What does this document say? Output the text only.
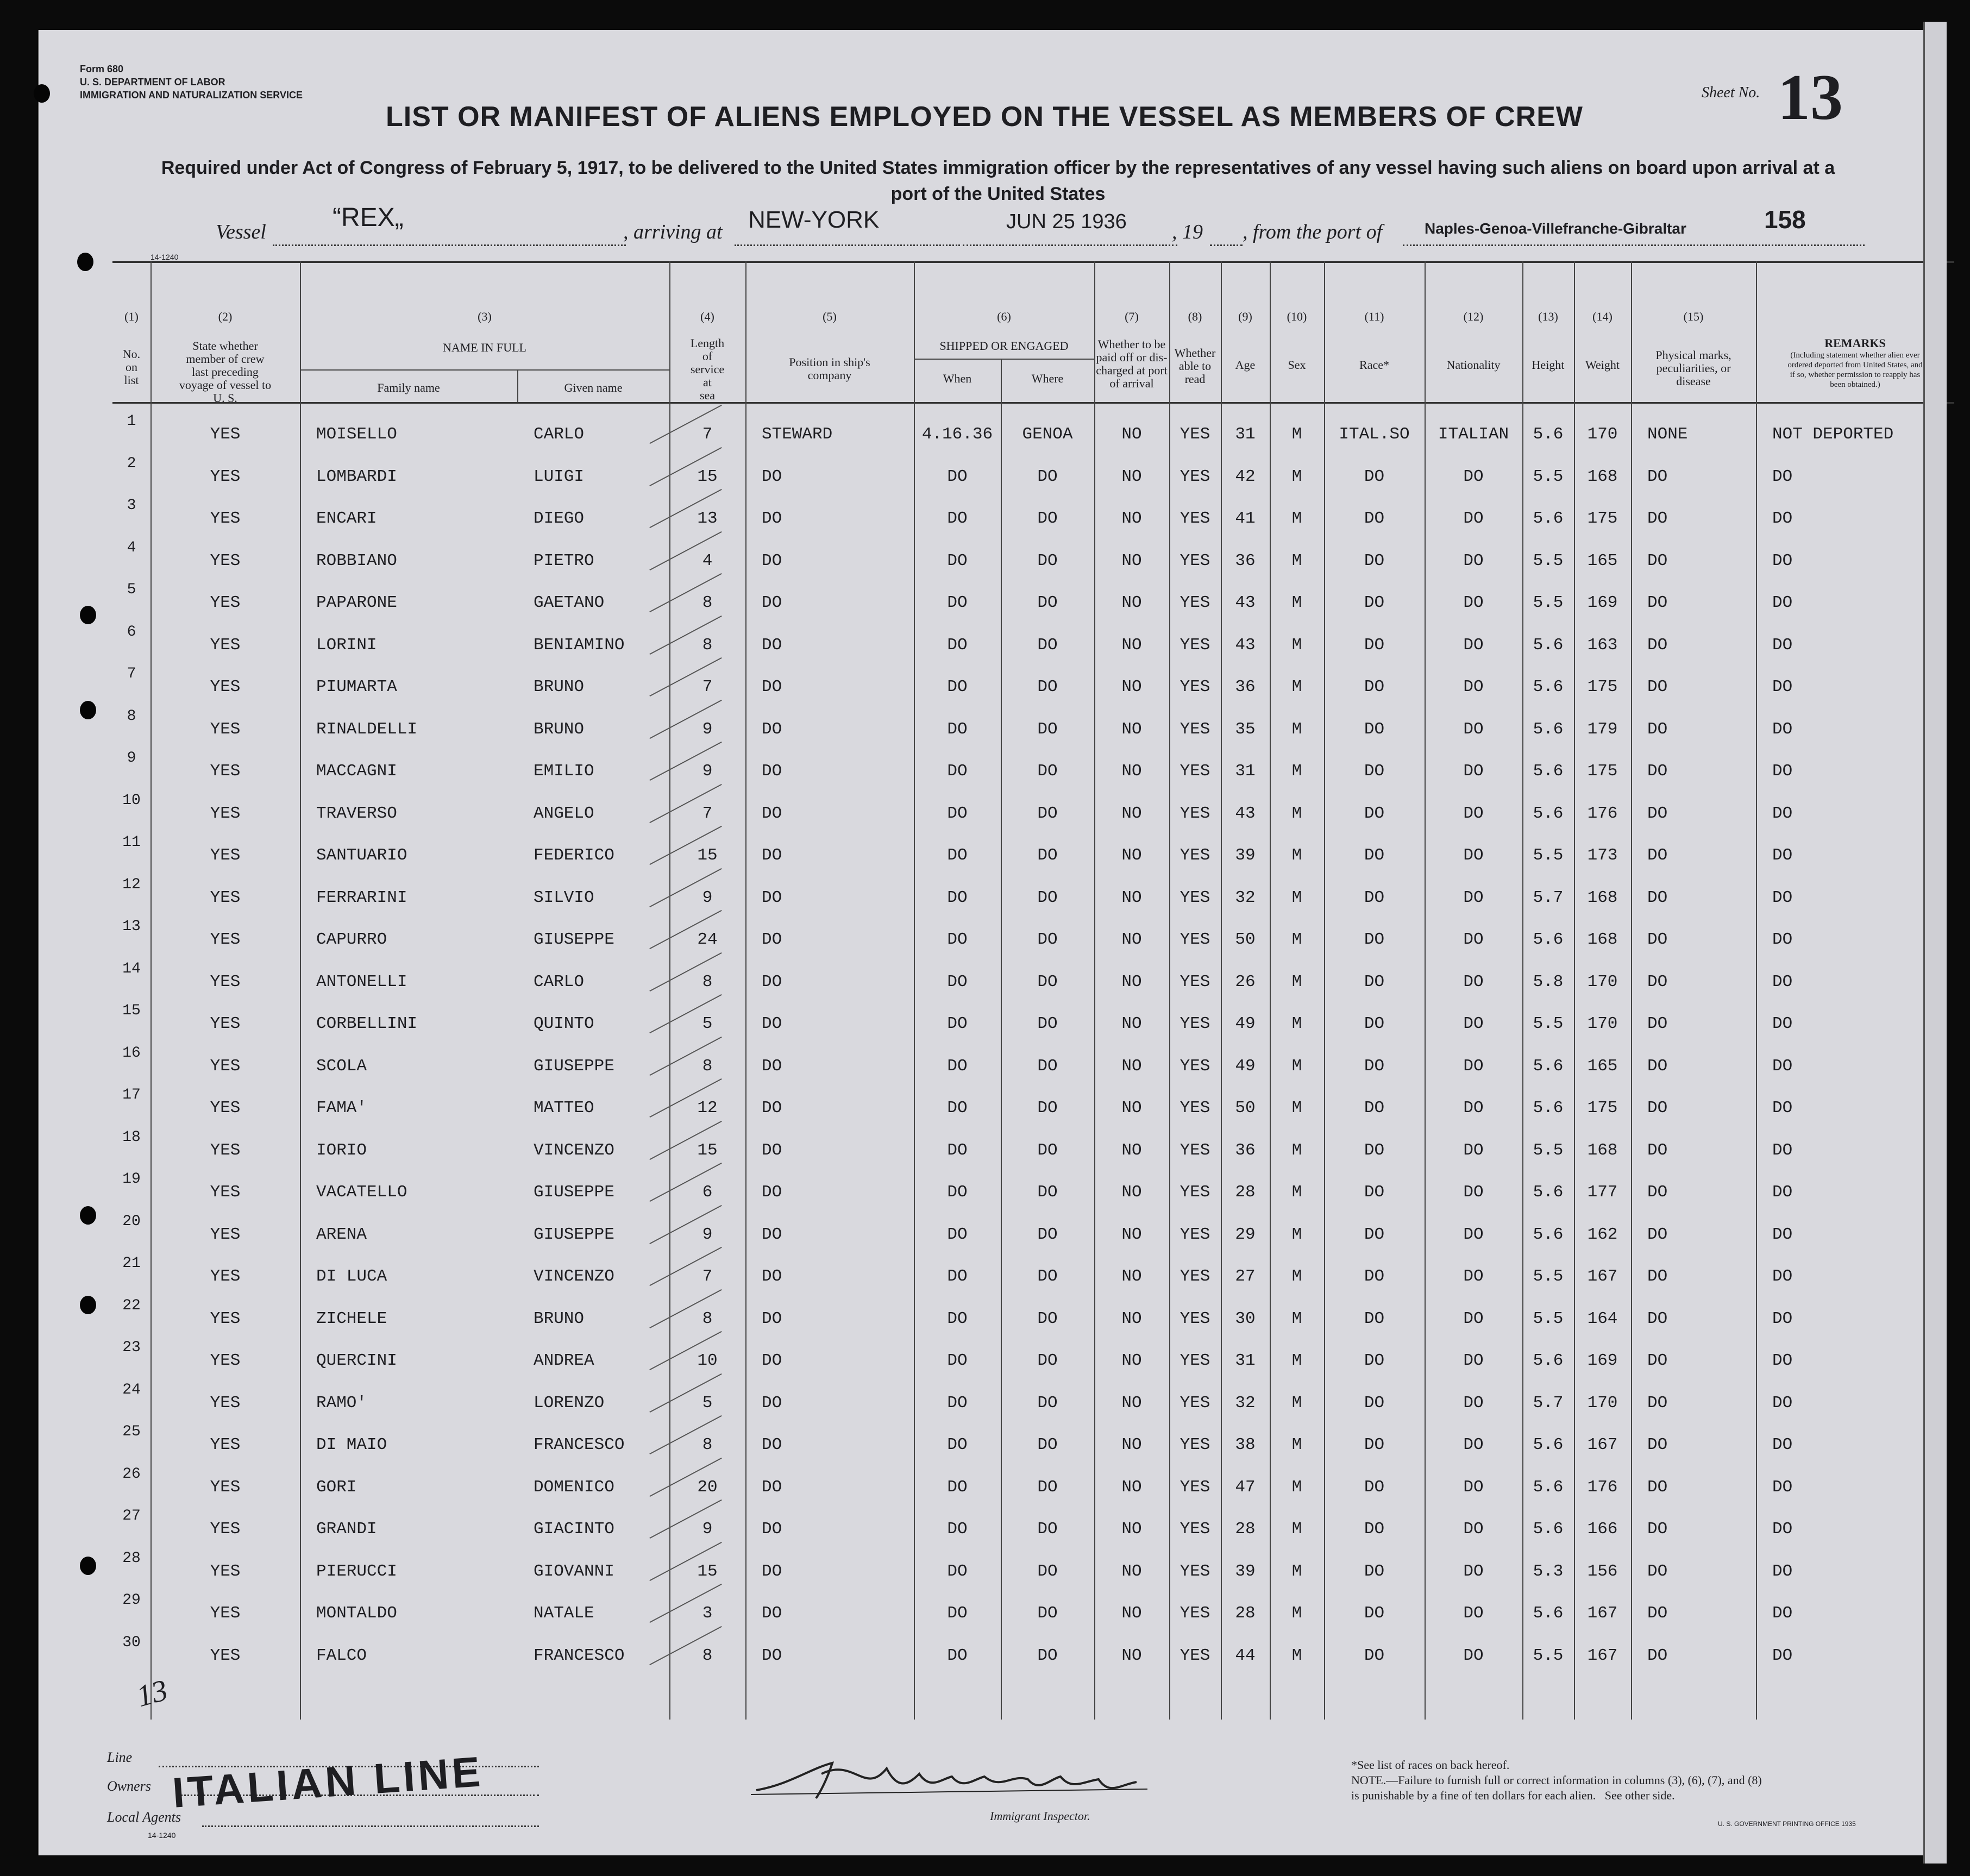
Form 680
U. S. DEPARTMENT OF LABOR
IMMIGRATION AND NATURALIZATION SERVICE
LIST OR MANIFEST OF ALIENS EMPLOYED ON THE VESSEL AS MEMBERS OF CREW
Sheet No. 13
Required under Act of Congress of February 5, 1917, to be delivered to the United States immigration officer by the representatives of any vessel having such aliens on board upon arrival at a
port of the United States
Vessel	“REX„	, arriving at NEW-YORK	JUN 25 1936 , 19 , from the port of	Naples-Genoa-Villefranche-Gibraltar	158
14-1240
(1)	(2)	(3)	(4)	(5)	(6)	(7)	(8)	(9)	(10)	(11)	(12)	(13)	(14)	(15)
No.
on
list
State whether
member of crew
last preceding
voyage of vessel to
U. S.
NAME IN FULL
Family name	Given name
Length
of
service
at
sea
Position in ship's
company
SHIPPED OR ENGAGED
When	Where
Whether to be
paid off or dis-
charged at port
of arrival
Whether
able to
read
Age	Sex	Race*	Nationality	Height	Weight
Physical marks,
peculiarities, or
disease
REMARKS
(Including statement whether alien ever
ordered deported from United States, and
if so, whether permission to reapply has
been obtained.)
1
YES	MOISELLO	CARLO	7	STEWARD	4.16.36	GENOA	NO	YES	31	M	ITAL.SO	ITALIAN	5.6	170	NONE	NOT DEPORTED
2
YES	LOMBARDI	LUIGI	15	DO	DO	DO	NO	YES	42	M	DO	DO	5.5	168	DO	DO
3
YES	ENCARI	DIEGO	13	DO	DO	DO	NO	YES	41	M	DO	DO	5.6	175	DO	DO
4
YES	ROBBIANO	PIETRO	4	DO	DO	DO	NO	YES	36	M	DO	DO	5.5	165	DO	DO
5
YES	PAPARONE	GAETANO	8	DO	DO	DO	NO	YES	43	M	DO	DO	5.5	169	DO	DO
6
YES	LORINI	BENIAMINO	8	DO	DO	DO	NO	YES	43	M	DO	DO	5.6	163	DO	DO
7
YES	PIUMARTA	BRUNO	7	DO	DO	DO	NO	YES	36	M	DO	DO	5.6	175	DO	DO
8
YES	RINALDELLI	BRUNO	9	DO	DO	DO	NO	YES	35	M	DO	DO	5.6	179	DO	DO
9
YES	MACCAGNI	EMILIO	9	DO	DO	DO	NO	YES	31	M	DO	DO	5.6	175	DO	DO
10
YES	TRAVERSO	ANGELO	7	DO	DO	DO	NO	YES	43	M	DO	DO	5.6	176	DO	DO
11
YES	SANTUARIO	FEDERICO	15	DO	DO	DO	NO	YES	39	M	DO	DO	5.5	173	DO	DO
12
YES	FERRARINI	SILVIO	9	DO	DO	DO	NO	YES	32	M	DO	DO	5.7	168	DO	DO
13
YES	CAPURRO	GIUSEPPE	24	DO	DO	DO	NO	YES	50	M	DO	DO	5.6	168	DO	DO
14
YES	ANTONELLI	CARLO	8	DO	DO	DO	NO	YES	26	M	DO	DO	5.8	170	DO	DO
15
YES	CORBELLINI	QUINTO	5	DO	DO	DO	NO	YES	49	M	DO	DO	5.5	170	DO	DO
16
YES	SCOLA	GIUSEPPE	8	DO	DO	DO	NO	YES	49	M	DO	DO	5.6	165	DO	DO
17
YES	FAMA'	MATTEO	12	DO	DO	DO	NO	YES	50	M	DO	DO	5.6	175	DO	DO
18
YES	IORIO	VINCENZO	15	DO	DO	DO	NO	YES	36	M	DO	DO	5.5	168	DO	DO
19
YES	VACATELLO	GIUSEPPE	6	DO	DO	DO	NO	YES	28	M	DO	DO	5.6	177	DO	DO
20
YES	ARENA	GIUSEPPE	9	DO	DO	DO	NO	YES	29	M	DO	DO	5.6	162	DO	DO
21
YES	DI LUCA	VINCENZO	7	DO	DO	DO	NO	YES	27	M	DO	DO	5.5	167	DO	DO
22
YES	ZICHELE	BRUNO	8	DO	DO	DO	NO	YES	30	M	DO	DO	5.5	164	DO	DO
23
YES	QUERCINI	ANDREA	10	DO	DO	DO	NO	YES	31	M	DO	DO	5.6	169	DO	DO
24
YES	RAMO'	LORENZO	5	DO	DO	DO	NO	YES	32	M	DO	DO	5.7	170	DO	DO
25
YES	DI MAIO	FRANCESCO	8	DO	DO	DO	NO	YES	38	M	DO	DO	5.6	167	DO	DO
26
YES	GORI	DOMENICO	20	DO	DO	DO	NO	YES	47	M	DO	DO	5.6	176	DO	DO
27
YES	GRANDI	GIACINTO	9	DO	DO	DO	NO	YES	28	M	DO	DO	5.6	166	DO	DO
28
YES	PIERUCCI	GIOVANNI	15	DO	DO	DO	NO	YES	39	M	DO	DO	5.3	156	DO	DO
29
YES	MONTALDO	NATALE	3	DO	DO	DO	NO	YES	28	M	DO	DO	5.6	167	DO	DO
30
YES	FALCO	FRANCESCO	8	DO	DO	DO	NO	YES	44	M	DO	DO	5.5	167	DO	DO
13
Line
Owners
Local Agents
ITALIAN LINE
14-1240
Immigrant Inspector.
*See list of races on back hereof.
NOTE.—Failure to furnish full or correct information in columns (3), (6), (7), and (8)
is punishable by a fine of ten dollars for each alien.   See other side.
U. S. GOVERNMENT PRINTING OFFICE 1935
